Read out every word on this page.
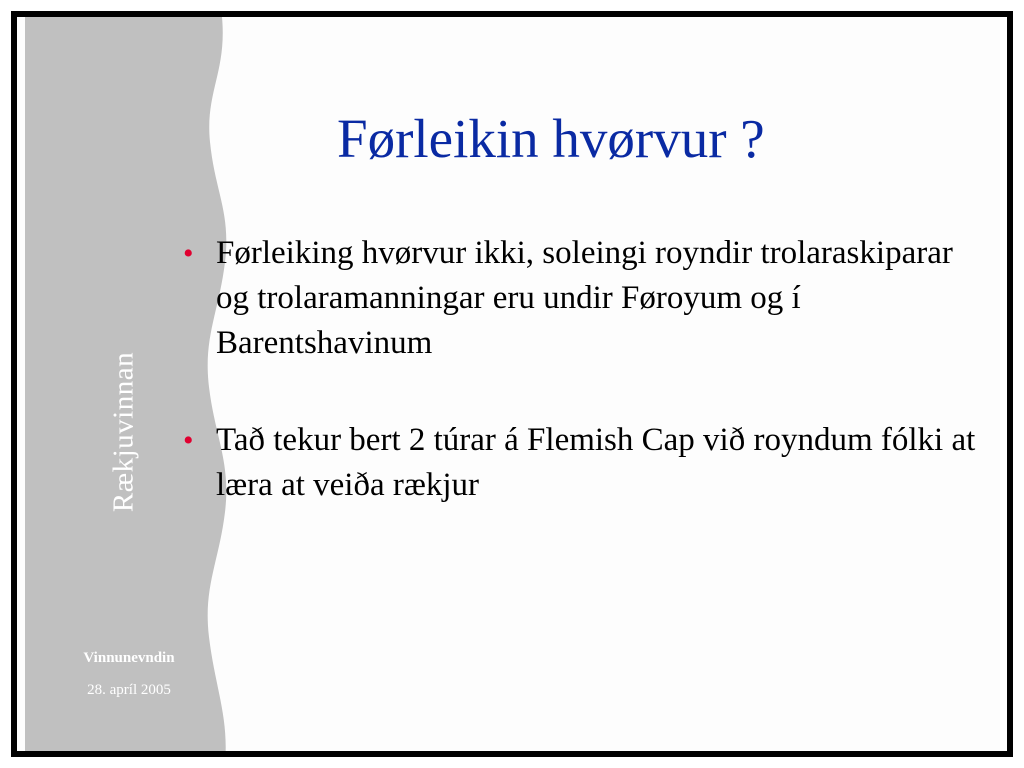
Rækjuvinnan
Vinnunevndin
28. apríl 2005
Førleikin hvørvur ?
• Førleiking hvørvur ikki, soleingi royndir trolaraskiparar og trolaramanningar eru undir Føroyum og í Barentshavinum
• Tað tekur bert 2 túrar á Flemish Cap við royndum fólki at læra at veiða rækjur
